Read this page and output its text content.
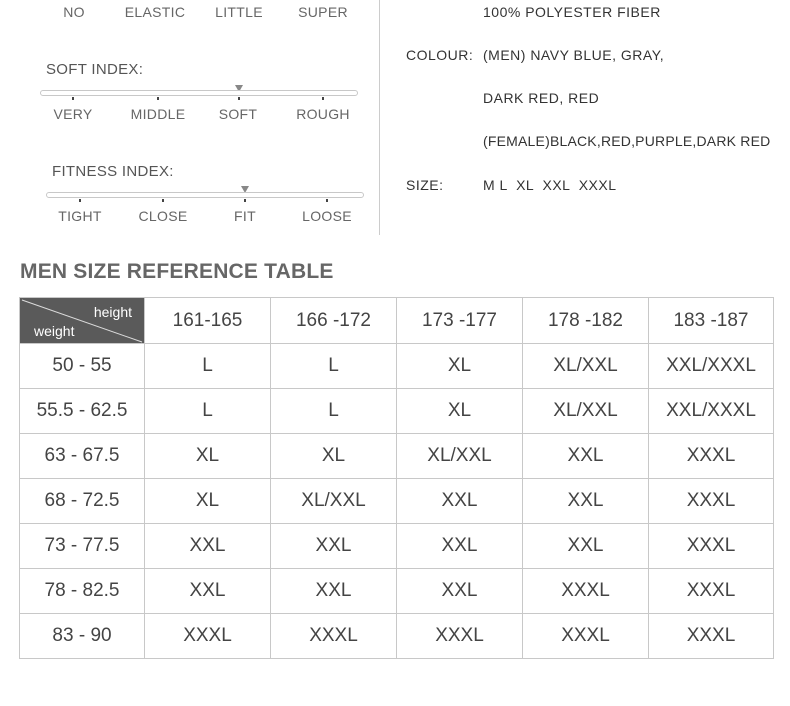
NO	ELASTIC LITTLE	SUPER
SOFT INDEX:
VERY	MIDDLE SOFT	ROUGH
FITNESS INDEX:
TIGHT	CLOSE	FIT	LOOSE
100% POLYESTER FIBER
COLOUR: (MEN) NAVY BLUE, GRAY,
DARK RED, RED
(FEMALE)BLACK,RED,PURPLE,DARK RED
SIZE:	M L  XL  XXL  XXXL
MEN SIZE REFERENCE TABLE
height
weight	161-165	166 -172	173 -177	178 -182	183 -187
50 - 55	L	L	XL	XL/XXL	XXL/XXXL
55.5 - 62.5	L	L	XL	XL/XXL	XXL/XXXL
63 - 67.5	XL	XL	XL/XXL	XXL	XXXL
68 - 72.5	XL	XL/XXL	XXL	XXL	XXXL
73 - 77.5	XXL	XXL	XXL	XXL	XXXL
78 - 82.5	XXL	XXL	XXL	XXXL	XXXL
83 - 90	XXXL	XXXL	XXXL	XXXL	XXXL
